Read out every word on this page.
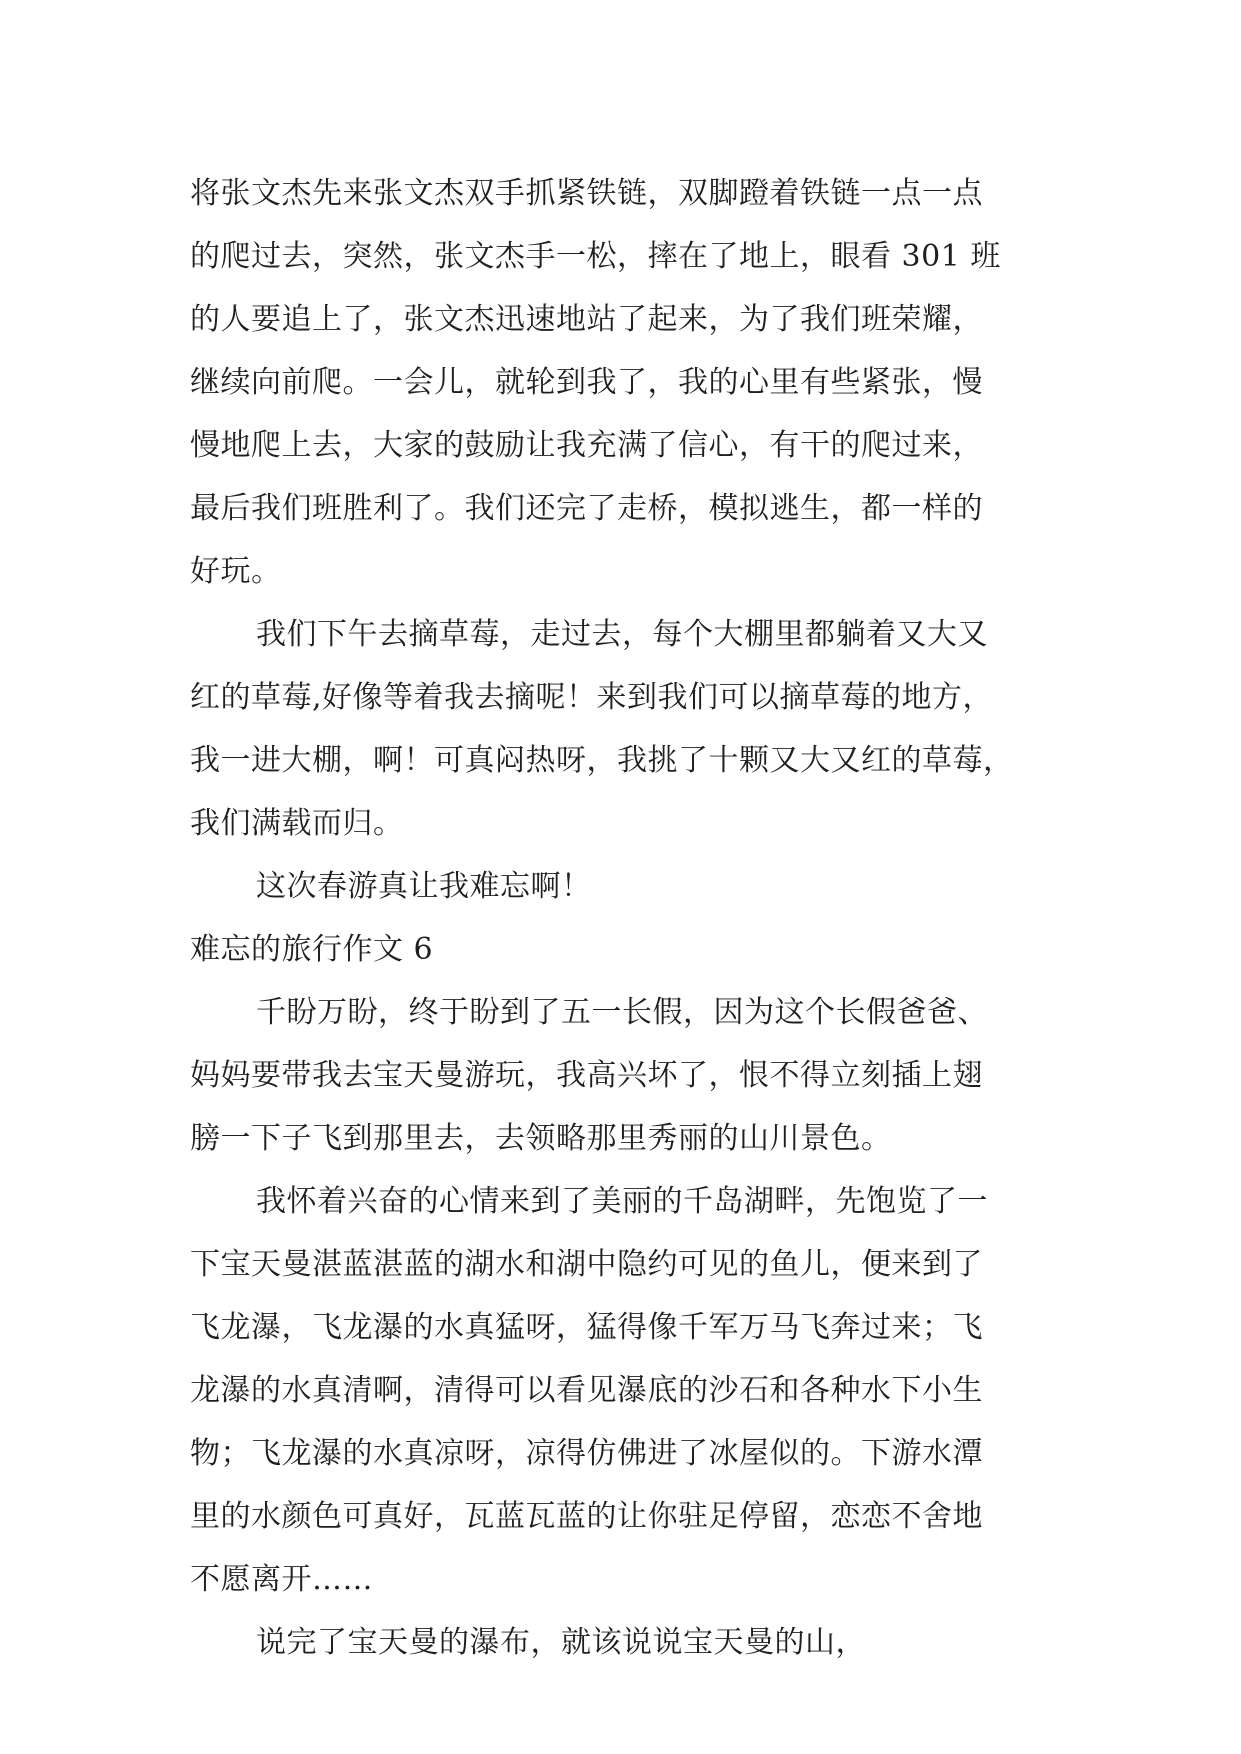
将张文杰先来张文杰双手抓紧铁链，双脚蹬着铁链一点一点
的爬过去，突然，张文杰手一松，摔在了地上，眼看 301 班
的人要追上了，张文杰迅速地站了起来，为了我们班荣耀，
继续向前爬。一会儿，就轮到我了，我的心里有些紧张，慢
慢地爬上去，大家的鼓励让我充满了信心，有干的爬过来，
最后我们班胜利了。我们还完了走桥，模拟逃生，都一样的
好玩。
我们下午去摘草莓，走过去，每个大棚里都躺着又大又
红的草莓,好像等着我去摘呢！来到我们可以摘草莓的地方，
我一进大棚，啊！可真闷热呀，我挑了十颗又大又红的草莓，
我们满载而归。
这次春游真让我难忘啊！
难忘的旅行作文 6
千盼万盼，终于盼到了五一长假，因为这个长假爸爸、
妈妈要带我去宝天曼游玩，我高兴坏了，恨不得立刻插上翅
膀一下子飞到那里去，去领略那里秀丽的山川景色。
我怀着兴奋的心情来到了美丽的千岛湖畔，先饱览了一
下宝天曼湛蓝湛蓝的湖水和湖中隐约可见的鱼儿，便来到了
飞龙瀑，飞龙瀑的水真猛呀，猛得像千军万马飞奔过来；飞
龙瀑的水真清啊，清得可以看见瀑底的沙石和各种水下小生
物；飞龙瀑的水真凉呀，凉得仿佛进了冰屋似的。下游水潭
里的水颜色可真好，瓦蓝瓦蓝的让你驻足停留，恋恋不舍地
不愿离开……
说完了宝天曼的瀑布，就该说说宝天曼的山，
